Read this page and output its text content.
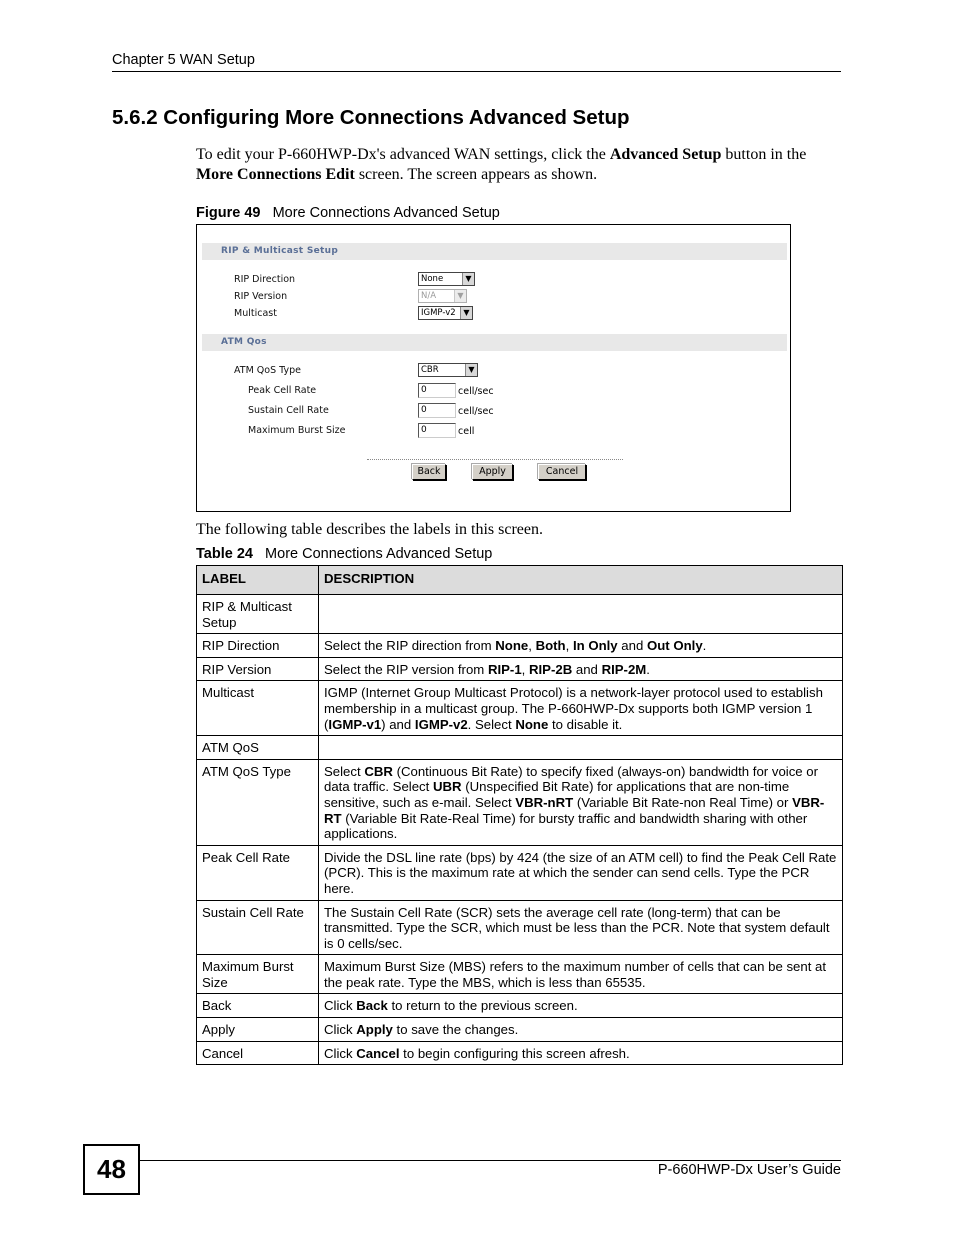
Chapter 5 WAN Setup
5.6.2 Configuring More Connections Advanced Setup
To edit your P-660HWP-Dx's advanced WAN settings, click the Advanced Setup button in the More Connections Edit screen. The screen appears as shown.
Figure 49 More Connections Advanced Setup
RIP & Multicast Setup
RIP Direction	None	▼
RIP Version	N/A	▼
Multicast	IGMP-v2 ▼
ATM Qos
ATM QoS Type	CBR	▼
Peak Cell Rate	0	cell/sec
Sustain Cell Rate	0	cell/sec
Maximum Burst Size	0	cell
Back	Apply	Cancel
The following table describes the labels in this screen.
Table 24 More Connections Advanced Setup
LABEL	DESCRIPTION
RIP & Multicast Setup	
RIP Direction	Select the RIP direction from None, Both, In Only and Out Only.
RIP Version	Select the RIP version from RIP-1, RIP-2B and RIP-2M.
Multicast	IGMP (Internet Group Multicast Protocol) is a network-layer protocol used to establish membership in a multicast group. The P-660HWP-Dx supports both IGMP version 1 (IGMP-v1) and IGMP-v2. Select None to disable it.
ATM QoS	
ATM QoS Type	Select CBR (Continuous Bit Rate) to specify fixed (always-on) bandwidth for voice or data traffic. Select UBR (Unspecified Bit Rate) for applications that are non-time sensitive, such as e-mail. Select VBR-nRT (Variable Bit Rate-non Real Time) or VBR-RT (Variable Bit Rate-Real Time) for bursty traffic and bandwidth sharing with other applications.
Peak Cell Rate	Divide the DSL line rate (bps) by 424 (the size of an ATM cell) to find the Peak Cell Rate (PCR). This is the maximum rate at which the sender can send cells. Type the PCR here.
Sustain Cell Rate	The Sustain Cell Rate (SCR) sets the average cell rate (long-term) that can be transmitted. Type the SCR, which must be less than the PCR. Note that system default is 0 cells/sec.
Maximum Burst Size	Maximum Burst Size (MBS) refers to the maximum number of cells that can be sent at the peak rate. Type the MBS, which is less than 65535.
Back	Click Back to return to the previous screen.
Apply	Click Apply to save the changes.
Cancel	Click Cancel to begin configuring this screen afresh.
48	P-660HWP-Dx User’s Guide
